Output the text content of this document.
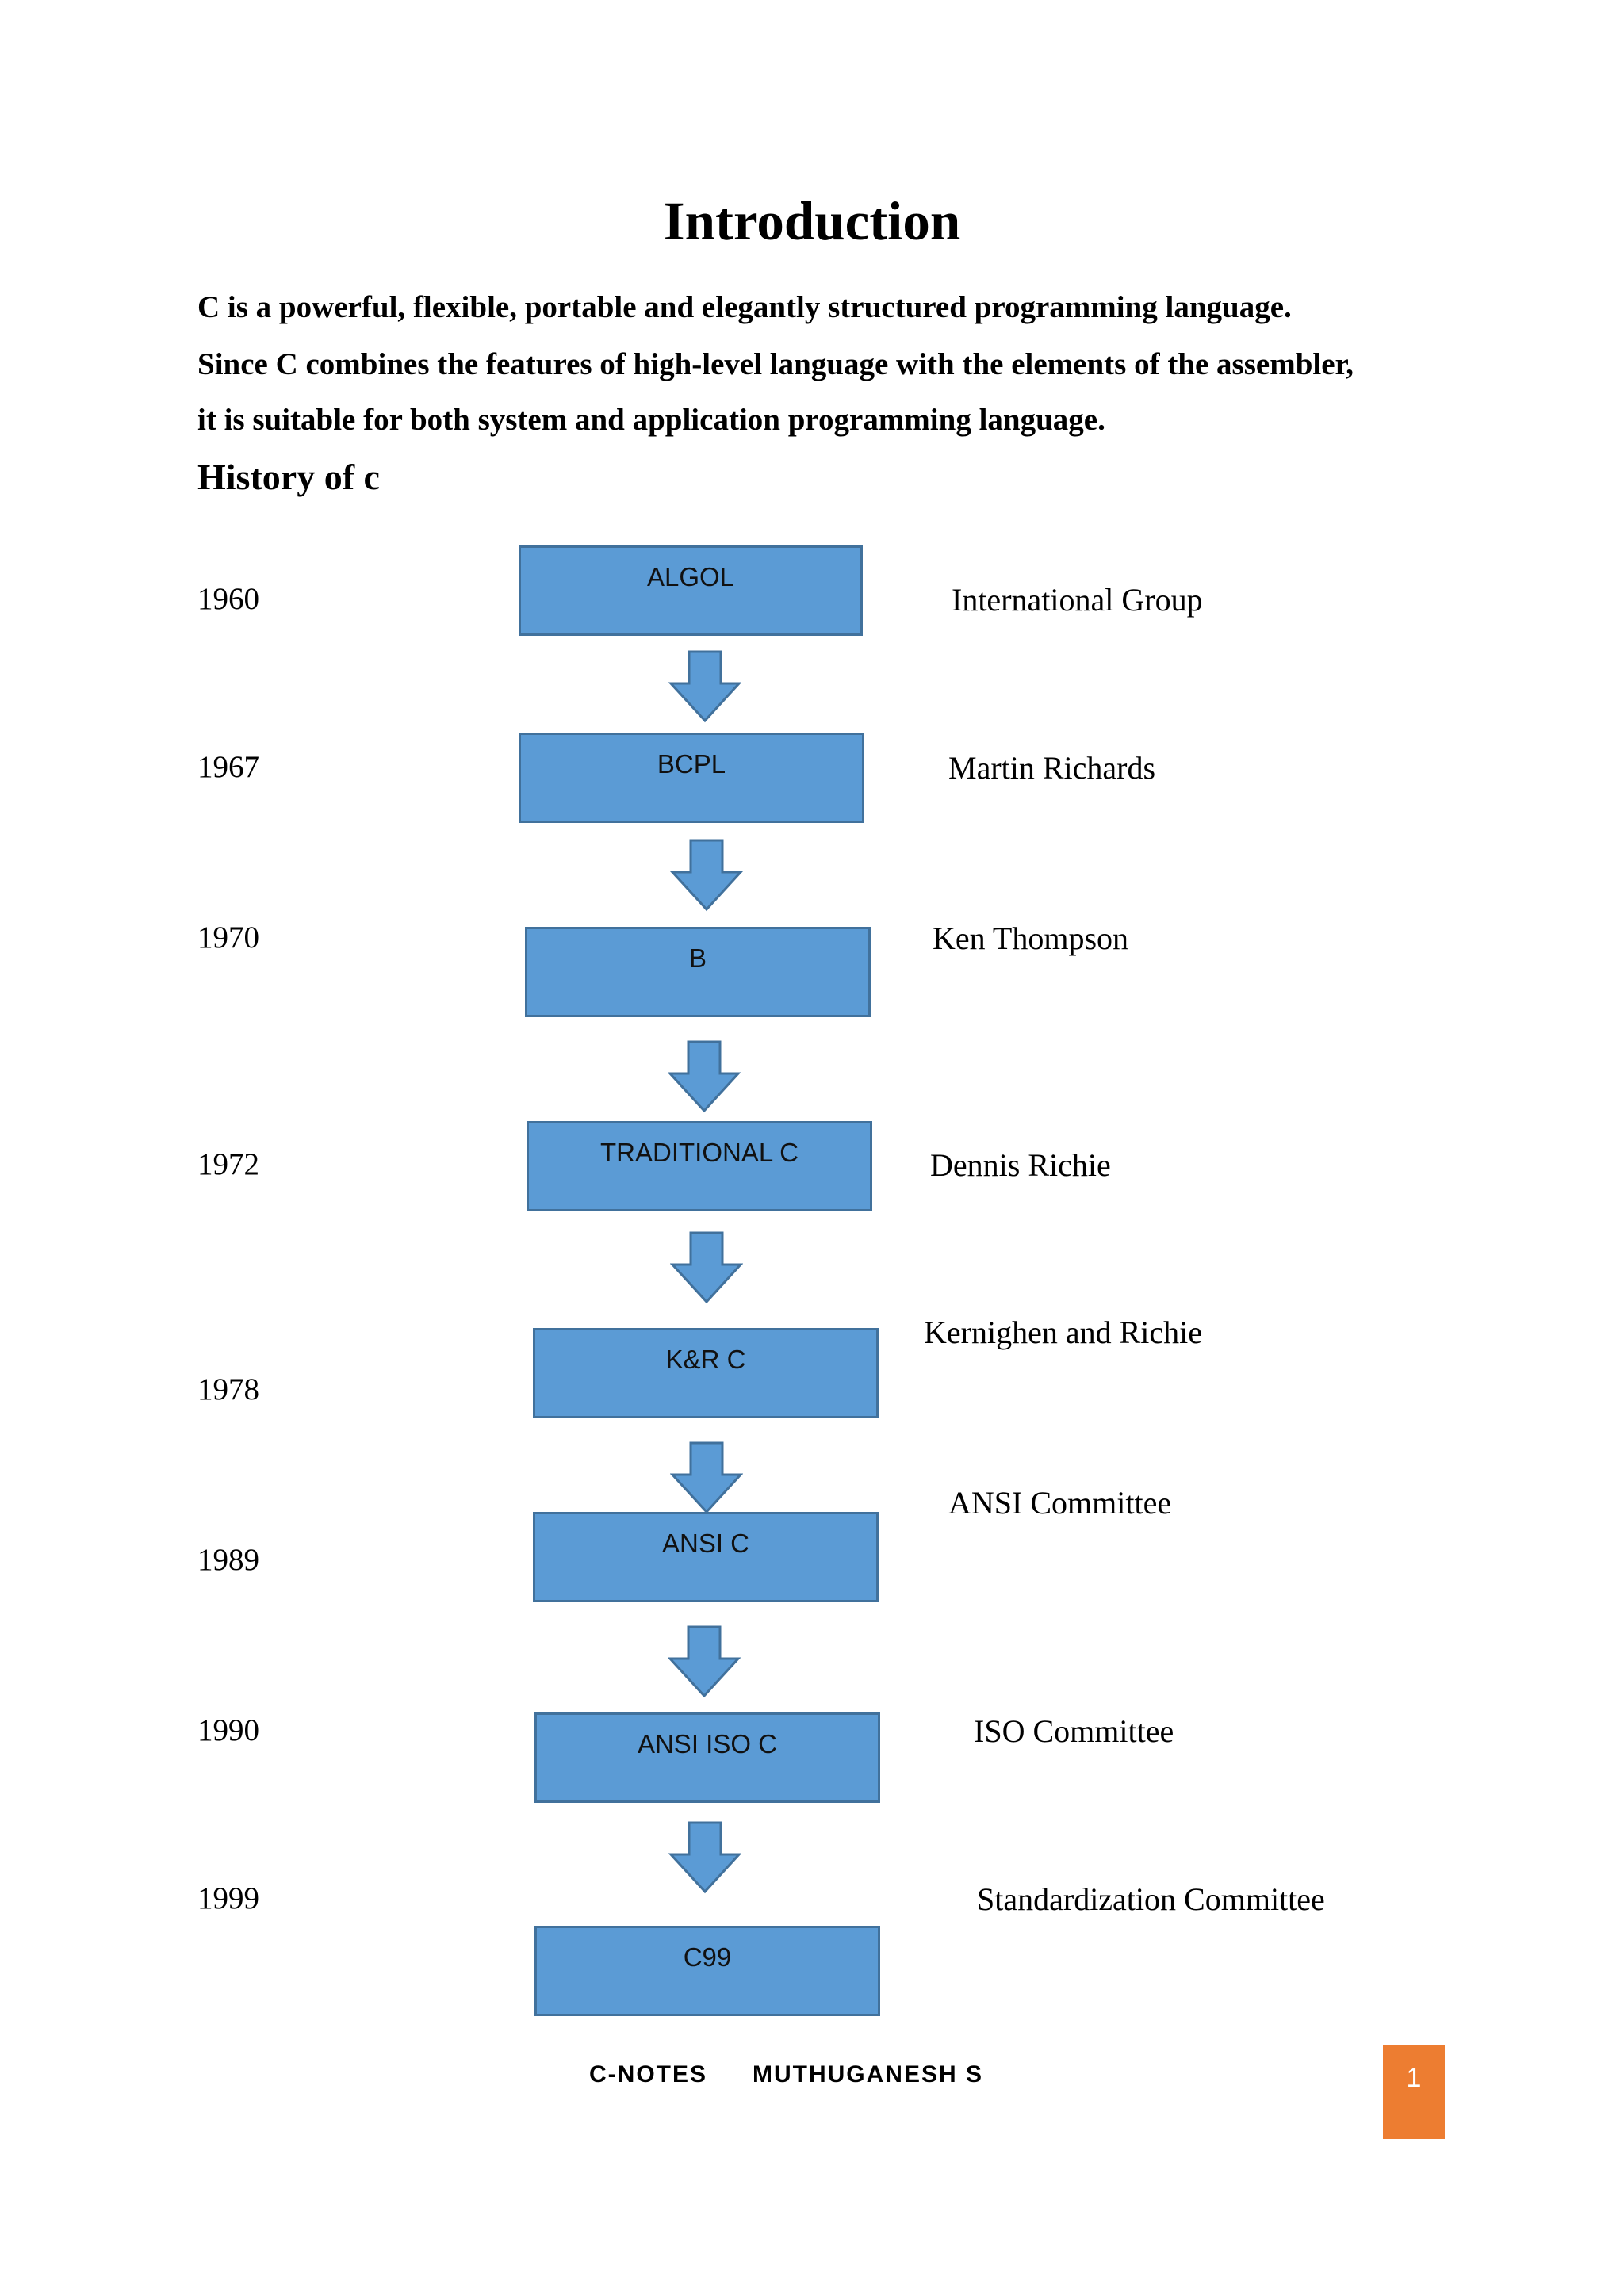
Introduction
C is a powerful, flexible, portable and elegantly structured programming language.
Since C combines the features of high-level language with the elements of the assembler,
it is suitable for both system and application programming language.
History of c
1960
1967
1970
1972
1978
1989
1990
1999
ALGOL
BCPL
B
TRADITIONAL C
K&R C
ANSI C
ANSI ISO C
C99
International Group
Martin Richards
Ken Thompson
Dennis Richie
Kernighen and Richie
ANSI Committee
ISO Committee
Standardization Committee
C-NOTES MUTHUGANESH S	1
